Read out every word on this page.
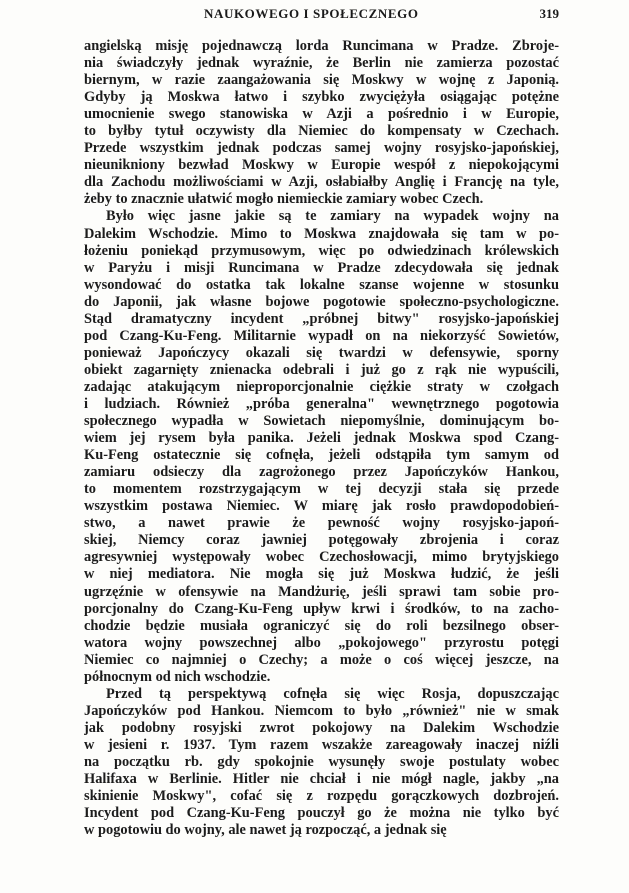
NAUKOWEGO I SPOŁECZNEGO	319
angielską misję pojednawczą lorda Runcimana w Pradze. Zbroje-
nia świadczyły jednak wyraźnie, że Berlin nie zamierza pozostać
biernym, w razie zaangażowania się Moskwy w wojnę z Japonią.
Gdyby ją Moskwa łatwo i szybko zwyciężyła osiągając potężne
umocnienie swego stanowiska w Azji a pośrednio i w Europie,
to byłby tytuł oczywisty dla Niemiec do kompensaty w Czechach.
Przede wszystkim jednak podczas samej wojny rosyjsko-japońskiej,
nieunikniony bezwład Moskwy w Europie wespół z niepokojącymi
dla Zachodu możliwościami w Azji, osłabiałby Anglię i Francję na tyle,
żeby to znacznie ułatwić mogło niemieckie zamiary wobec Czech.
Było więc jasne jakie są te zamiary na wypadek wojny na
Dalekim Wschodzie. Mimo to Moskwa znajdowała się tam w po-
łożeniu poniekąd przymusowym, więc po odwiedzinach królewskich
w Paryżu i misji Runcimana w Pradze zdecydowała się jednak
wysondować do ostatka tak lokalne szanse wojenne w stosunku
do Japonii, jak własne bojowe pogotowie społeczno-psychologiczne.
Stąd dramatyczny incydent „próbnej bitwy" rosyjsko-japońskiej
pod Czang-Ku-Feng. Militarnie wypadł on na niekorzyść Sowietów,
ponieważ Japończycy okazali się twardzi w defensywie, sporny
obiekt zagarnięty znienacka odebrali i już go z rąk nie wypuścili,
zadając atakującym nieproporcjonalnie ciężkie straty w czołgach
i ludziach. Również „próba generalna" wewnętrznego pogotowia
społecznego wypadła w Sowietach niepomyślnie, dominującym bo-
wiem jej rysem była panika. Jeżeli jednak Moskwa spod Czang-
Ku-Feng ostatecznie się cofnęła, jeżeli odstąpiła tym samym od
zamiaru odsieczy dla zagrożonego przez Japończyków Hankou,
to momentem rozstrzygającym w tej decyzji stała się przede
wszystkim postawa Niemiec. W miarę jak rosło prawdopodobień-
stwo, a nawet prawie że pewność wojny rosyjsko-japoń-
skiej, Niemcy coraz jawniej potęgowały zbrojenia i coraz
agresywniej występowały wobec Czechosłowacji, mimo brytyjskiego
w niej mediatora. Nie mogła się już Moskwa łudzić, że jeśli
ugrzęźnie w ofensywie na Mandżurię, jeśli sprawi tam sobie pro-
porcjonalny do Czang-Ku-Feng upływ krwi i środków, to na zacho-
chodzie będzie musiała ograniczyć się do roli bezsilnego obser-
watora wojny powszechnej albo „pokojowego" przyrostu potęgi
Niemiec co najmniej o Czechy; a może o coś więcej jeszcze, na
północnym od nich wschodzie.
Przed tą perspektywą cofnęła się więc Rosja, dopuszczając
Japończyków pod Hankou. Niemcom to było „również" nie w smak
jak podobny rosyjski zwrot pokojowy na Dalekim Wschodzie
w jesieni r. 1937. Tym razem wszakże zareagowały inaczej niźli
na początku rb. gdy spokojnie wysunęły swoje postulaty wobec
Halifaxa w Berlinie. Hitler nie chciał i nie mógł nagle, jakby „na
skinienie Moskwy", cofać się z rozpędu gorączkowych dozbrojeń.
Incydent pod Czang-Ku-Feng pouczył go że można nie tylko być
w pogotowiu do wojny, ale nawet ją rozpocząć, a jednak się
